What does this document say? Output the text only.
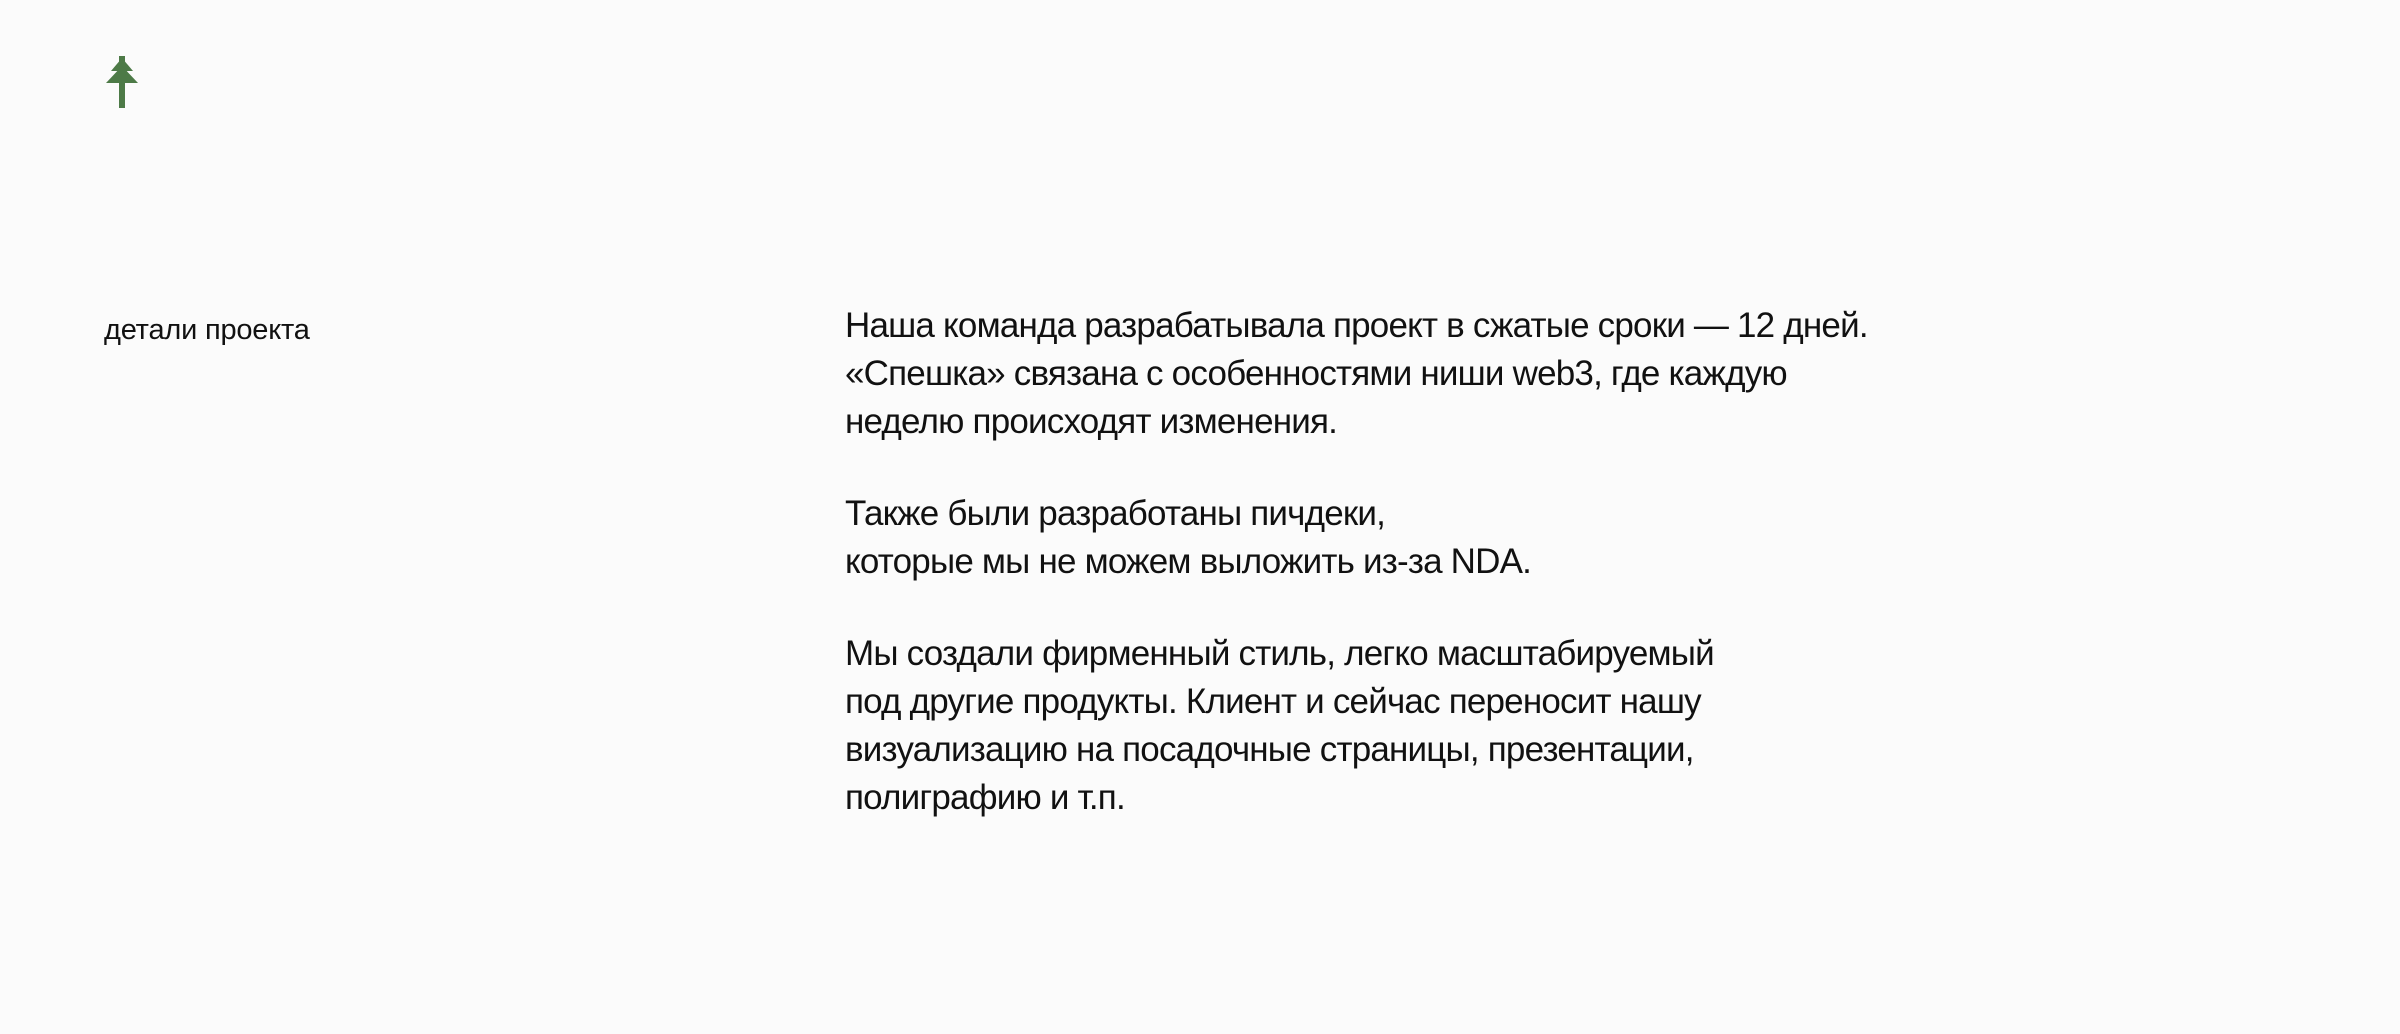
детали проекта	Наша команда разрабатывала проект в сжатые сроки — 12 дней.
«Спешка» связана с особенностями ниши web3, где каждую
неделю происходят изменения.

Также были разработаны пичдеки,
которые мы не можем выложить из-за NDA.

Мы создали фирменный стиль, легко масштабируемый
под другие продукты. Клиент и сейчас переносит нашу
визуализацию на посадочные страницы, презентации,
полиграфию и т.п.
